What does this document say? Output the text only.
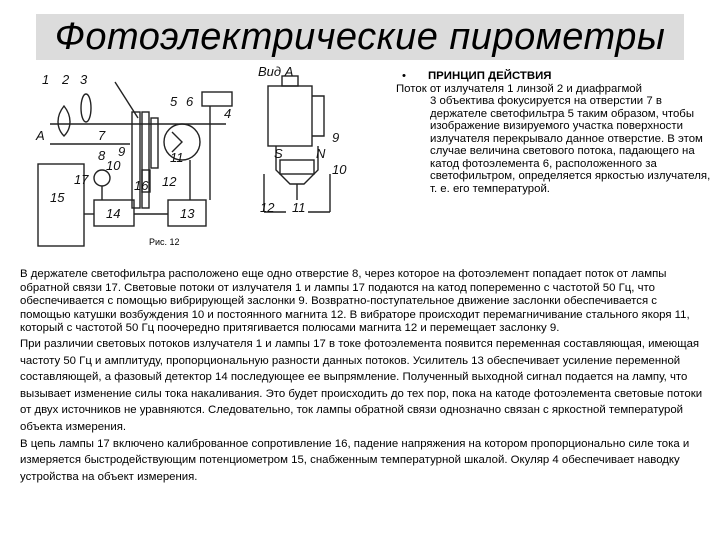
Фотоэлектрические пирометры
1 2 3
4
5 6
7
8 9
10
11
12
13
14
15
16
17
A
Вид А
S	N
10
9
11
12
Рис. 12
•	ПРИНЦИП ДЕЙСТВИЯ
Поток от излучателя 1 линзой 2 и диафрагмой
3 объектива фокусируется на отверстии 7 в держателе светофильтра 5 таким образом, чтобы изображение визируемого участка поверхности излучателя перекрывало данное отверстие. В этом случае величина светового потока, падающего на катод фотоэлемента 6, расположенного за светофильтром, определяется яркостью излучателя, т. е. его температурой.

В держателе светофильтра расположено еще одно отверстие 8, через которое на фотоэлемент попадает поток от лампы обратной связи 17. Световые потоки от излучателя 1 и лампы 17 подаются на катод попеременно с частотой 50 Гц, что обеспечивается с помощью вибрирующей заслонки 9. Возвратно-поступательное движение заслонки обеспечивается с помощью катушки возбуждения 10 и постоянного магнита 12. В вибраторе происходит перемагничивание стального якоря 11, который с частотой 50 Гц поочередно притягивается полюсами магнита 12 и перемещает заслонку 9.

При различии световых потоков излучателя 1 и лампы 17 в токе фотоэлемента появится переменная составляющая, имеющая частоту 50 Гц и амплитуду, пропорциональную разности данных потоков. Усилитель 13 обеспечивает усиление переменной составляющей, а фазовый детектор 14 последующее ее выпрямление. Полученный выходной сигнал подается на лампу, что вызывает изменение силы тока накаливания. Это будет происходить до тех пор, пока на катоде фотоэлемента световые потоки от двух источников не уравняются. Следовательно, ток лампы обратной связи однозначно связан с яркостной температурой объекта измерения.

В цепь лампы 17 включено калиброванное сопротивление 16, падение напряжения на котором пропорционально силе тока и измеряется быстродействующим потенциометром 15, снабженным температурной шкалой. Окуляр 4 обеспечивает наводку устройства на объект измерения.
